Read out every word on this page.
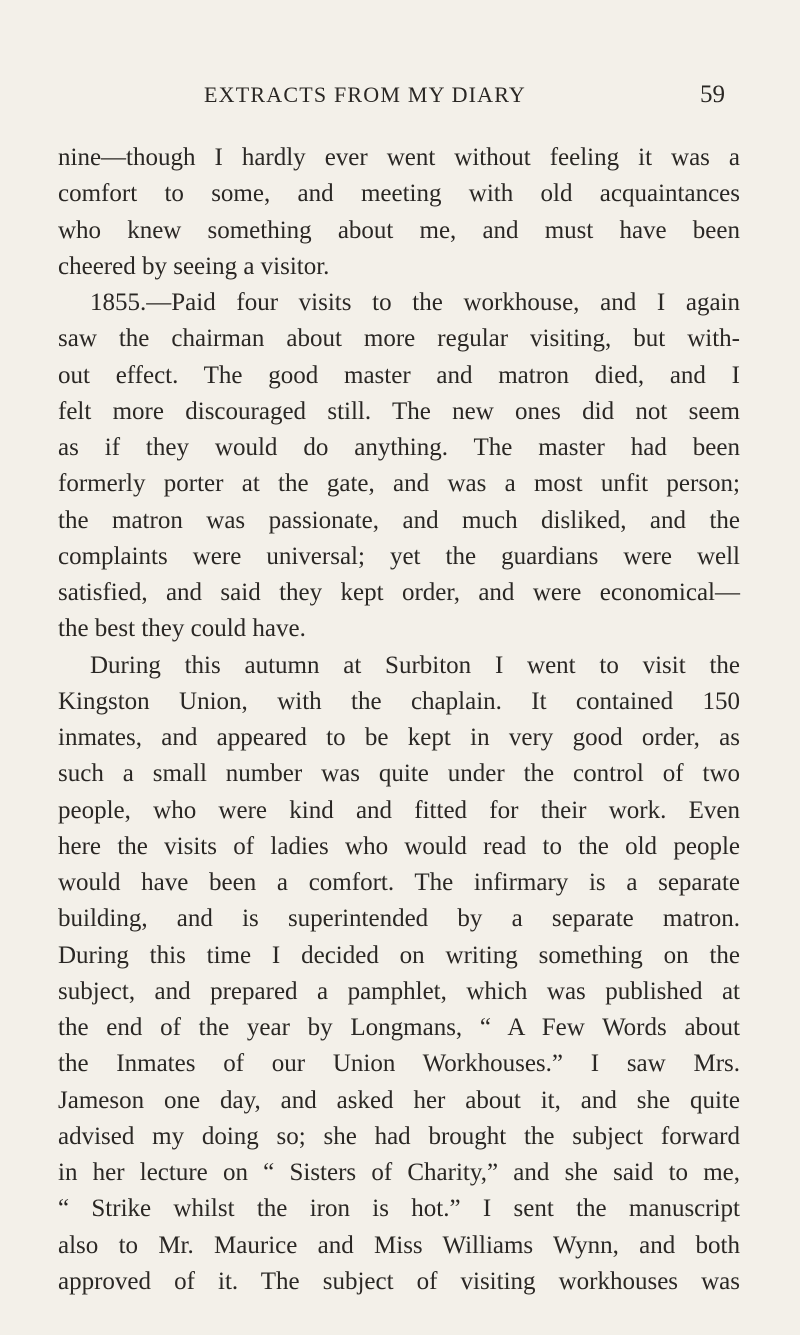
EXTRACTS FROM MY DIARY	59
nine—though I hardly ever went without feeling it was a
comfort to some, and meeting with old acquaintances
who knew something about me, and must have been
cheered by seeing a visitor.
1855.—Paid four visits to the workhouse, and I again
saw the chairman about more regular visiting, but with-
out effect. The good master and matron died, and I
felt more discouraged still. The new ones did not seem
as if they would do anything. The master had been
formerly porter at the gate, and was a most unfit person;
the matron was passionate, and much disliked, and the
complaints were universal; yet the guardians were well
satisfied, and said they kept order, and were economical—
the best they could have.
During this autumn at Surbiton I went to visit the
Kingston Union, with the chaplain. It contained 150
inmates, and appeared to be kept in very good order, as
such a small number was quite under the control of two
people, who were kind and fitted for their work. Even
here the visits of ladies who would read to the old people
would have been a comfort. The infirmary is a separate
building, and is superintended by a separate matron.
During this time I decided on writing something on the
subject, and prepared a pamphlet, which was published at
the end of the year by Longmans, “ A Few Words about
the Inmates of our Union Workhouses.” I saw Mrs.
Jameson one day, and asked her about it, and she quite
advised my doing so; she had brought the subject forward
in her lecture on “ Sisters of Charity,” and she said to me,
“ Strike whilst the iron is hot.” I sent the manuscript
also to Mr. Maurice and Miss Williams Wynn, and both
approved of it. The subject of visiting workhouses was
